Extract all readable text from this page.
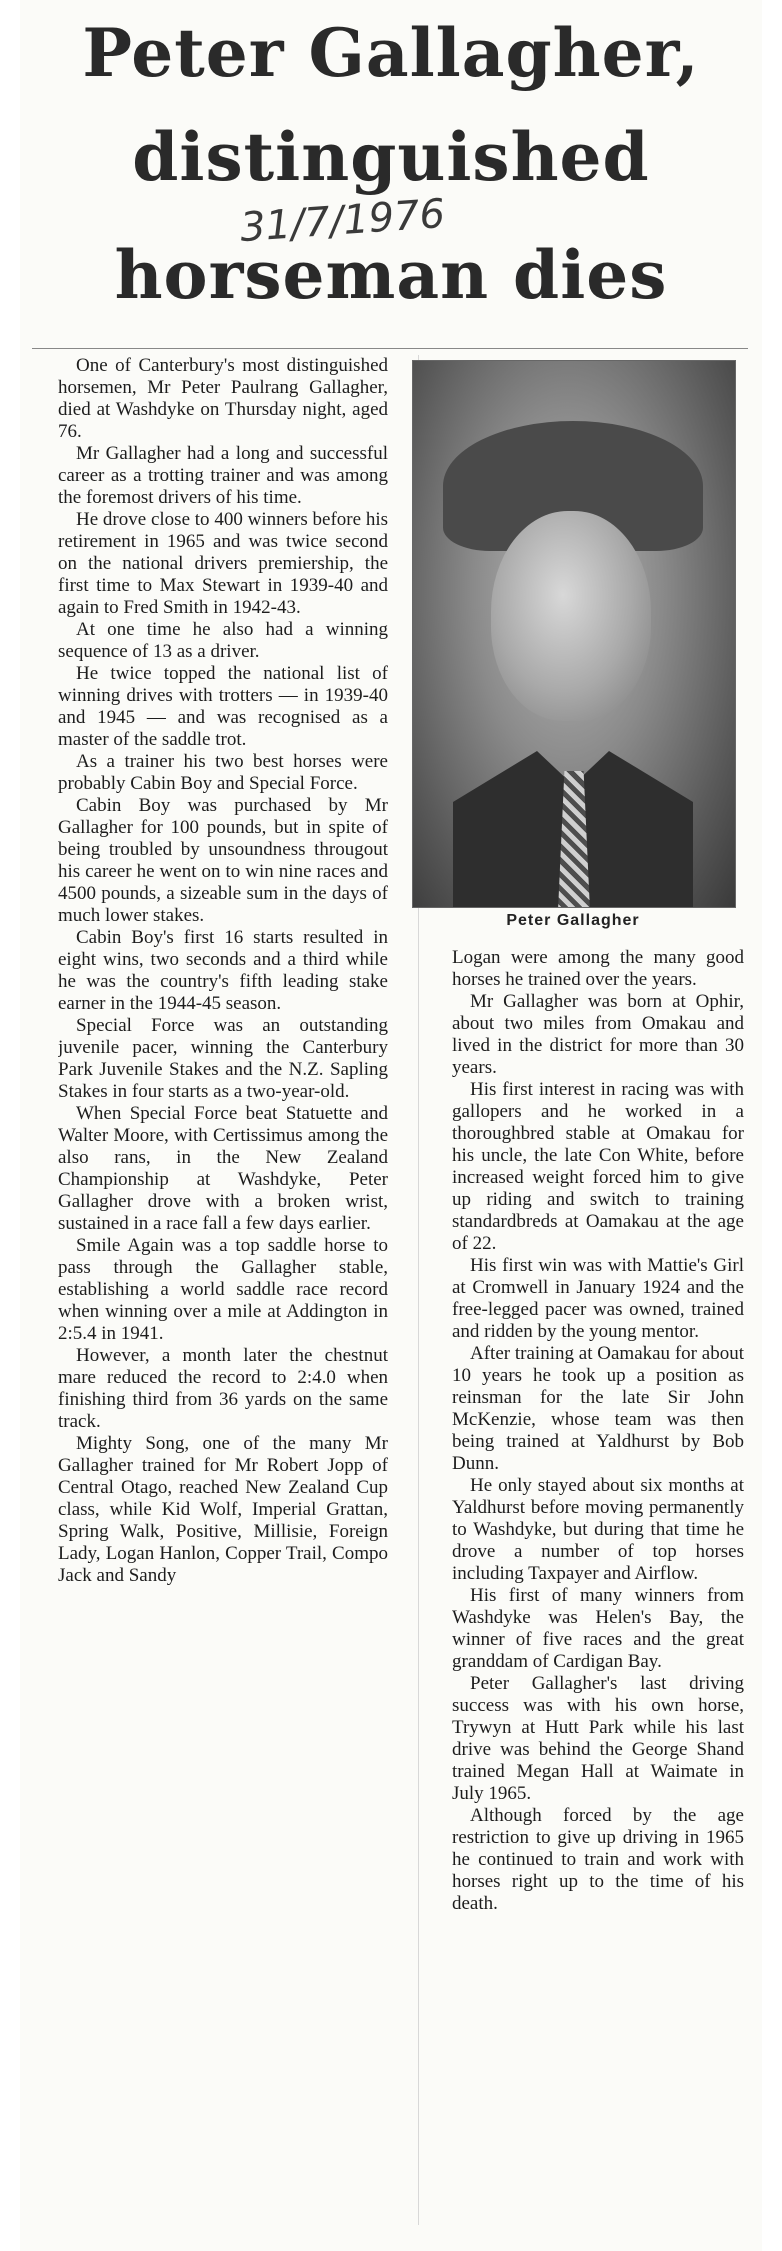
Peter Gallagher,
distinguished
horseman dies

31/7/1976

One of Canterbury's most distinguished horsemen, Mr Peter Paulrang Gallagher, died at Washdyke on Thursday night, aged 76.

Mr Gallagher had a long and successful career as a trotting trainer and was among the foremost drivers of his time.

He drove close to 400 winners before his retirement in 1965 and was twice second on the national drivers premiership, the first time to Max Stewart in 1939-40 and again to Fred Smith in 1942-43.

At one time he also had a winning sequence of 13 as a driver.

He twice topped the national list of winning drives with trotters — in 1939-40 and 1945 — and was recognised as a master of the saddle trot.

As a trainer his two best horses were probably Cabin Boy and Special Force.

Cabin Boy was purchased by Mr Gallagher for 100 pounds, but in spite of being troubled by unsoundness througout his career he went on to win nine races and 4500 pounds, a sizeable sum in the days of much lower stakes.

Cabin Boy's first 16 starts resulted in eight wins, two seconds and a third while he was the country's fifth leading stake earner in the 1944-45 season.

Special Force was an outstanding juvenile pacer, winning the Canterbury Park Juvenile Stakes and the N.Z. Sapling Stakes in four starts as a two-year-old.

When Special Force beat Statuette and Walter Moore, with Certissimus among the also rans, in the New Zealand Championship at Washdyke, Peter Gallagher drove with a broken wrist, sustained in a race fall a few days earlier.

Smile Again was a top saddle horse to pass through the Gallagher stable, establishing a world saddle race record when winning over a mile at Addington in 2:5.4 in 1941.

However, a month later the chestnut mare reduced the record to 2:4.0 when finishing third from 36 yards on the same track.

Mighty Song, one of the many Mr Gallagher trained for Mr Robert Jopp of Central Otago, reached New Zealand Cup class, while Kid Wolf, Imperial Grattan, Spring Walk, Positive, Millisie, Foreign Lady, Logan Hanlon, Copper Trail, Compo Jack and Sandy

Peter Gallagher

Logan were among the many good horses he trained over the years.

Mr Gallagher was born at Ophir, about two miles from Omakau and lived in the district for more than 30 years.

His first interest in racing was with gallopers and he worked in a thoroughbred stable at Omakau for his uncle, the late Con White, before increased weight forced him to give up riding and switch to training standardbreds at Oamakau at the age of 22.

His first win was with Mattie's Girl at Cromwell in January 1924 and the free-legged pacer was owned, trained and ridden by the young mentor.

After training at Oamakau for about 10 years he took up a position as reinsman for the late Sir John McKenzie, whose team was then being trained at Yaldhurst by Bob Dunn.

He only stayed about six months at Yaldhurst before moving permanently to Washdyke, but during that time he drove a number of top horses including Taxpayer and Airflow.

His first of many winners from Washdyke was Helen's Bay, the winner of five races and the great granddam of Cardigan Bay.

Peter Gallagher's last driving success was with his own horse, Trywyn at Hutt Park while his last drive was behind the George Shand trained Megan Hall at Waimate in July 1965.

Although forced by the age restriction to give up driving in 1965 he continued to train and work with horses right up to the time of his death.
